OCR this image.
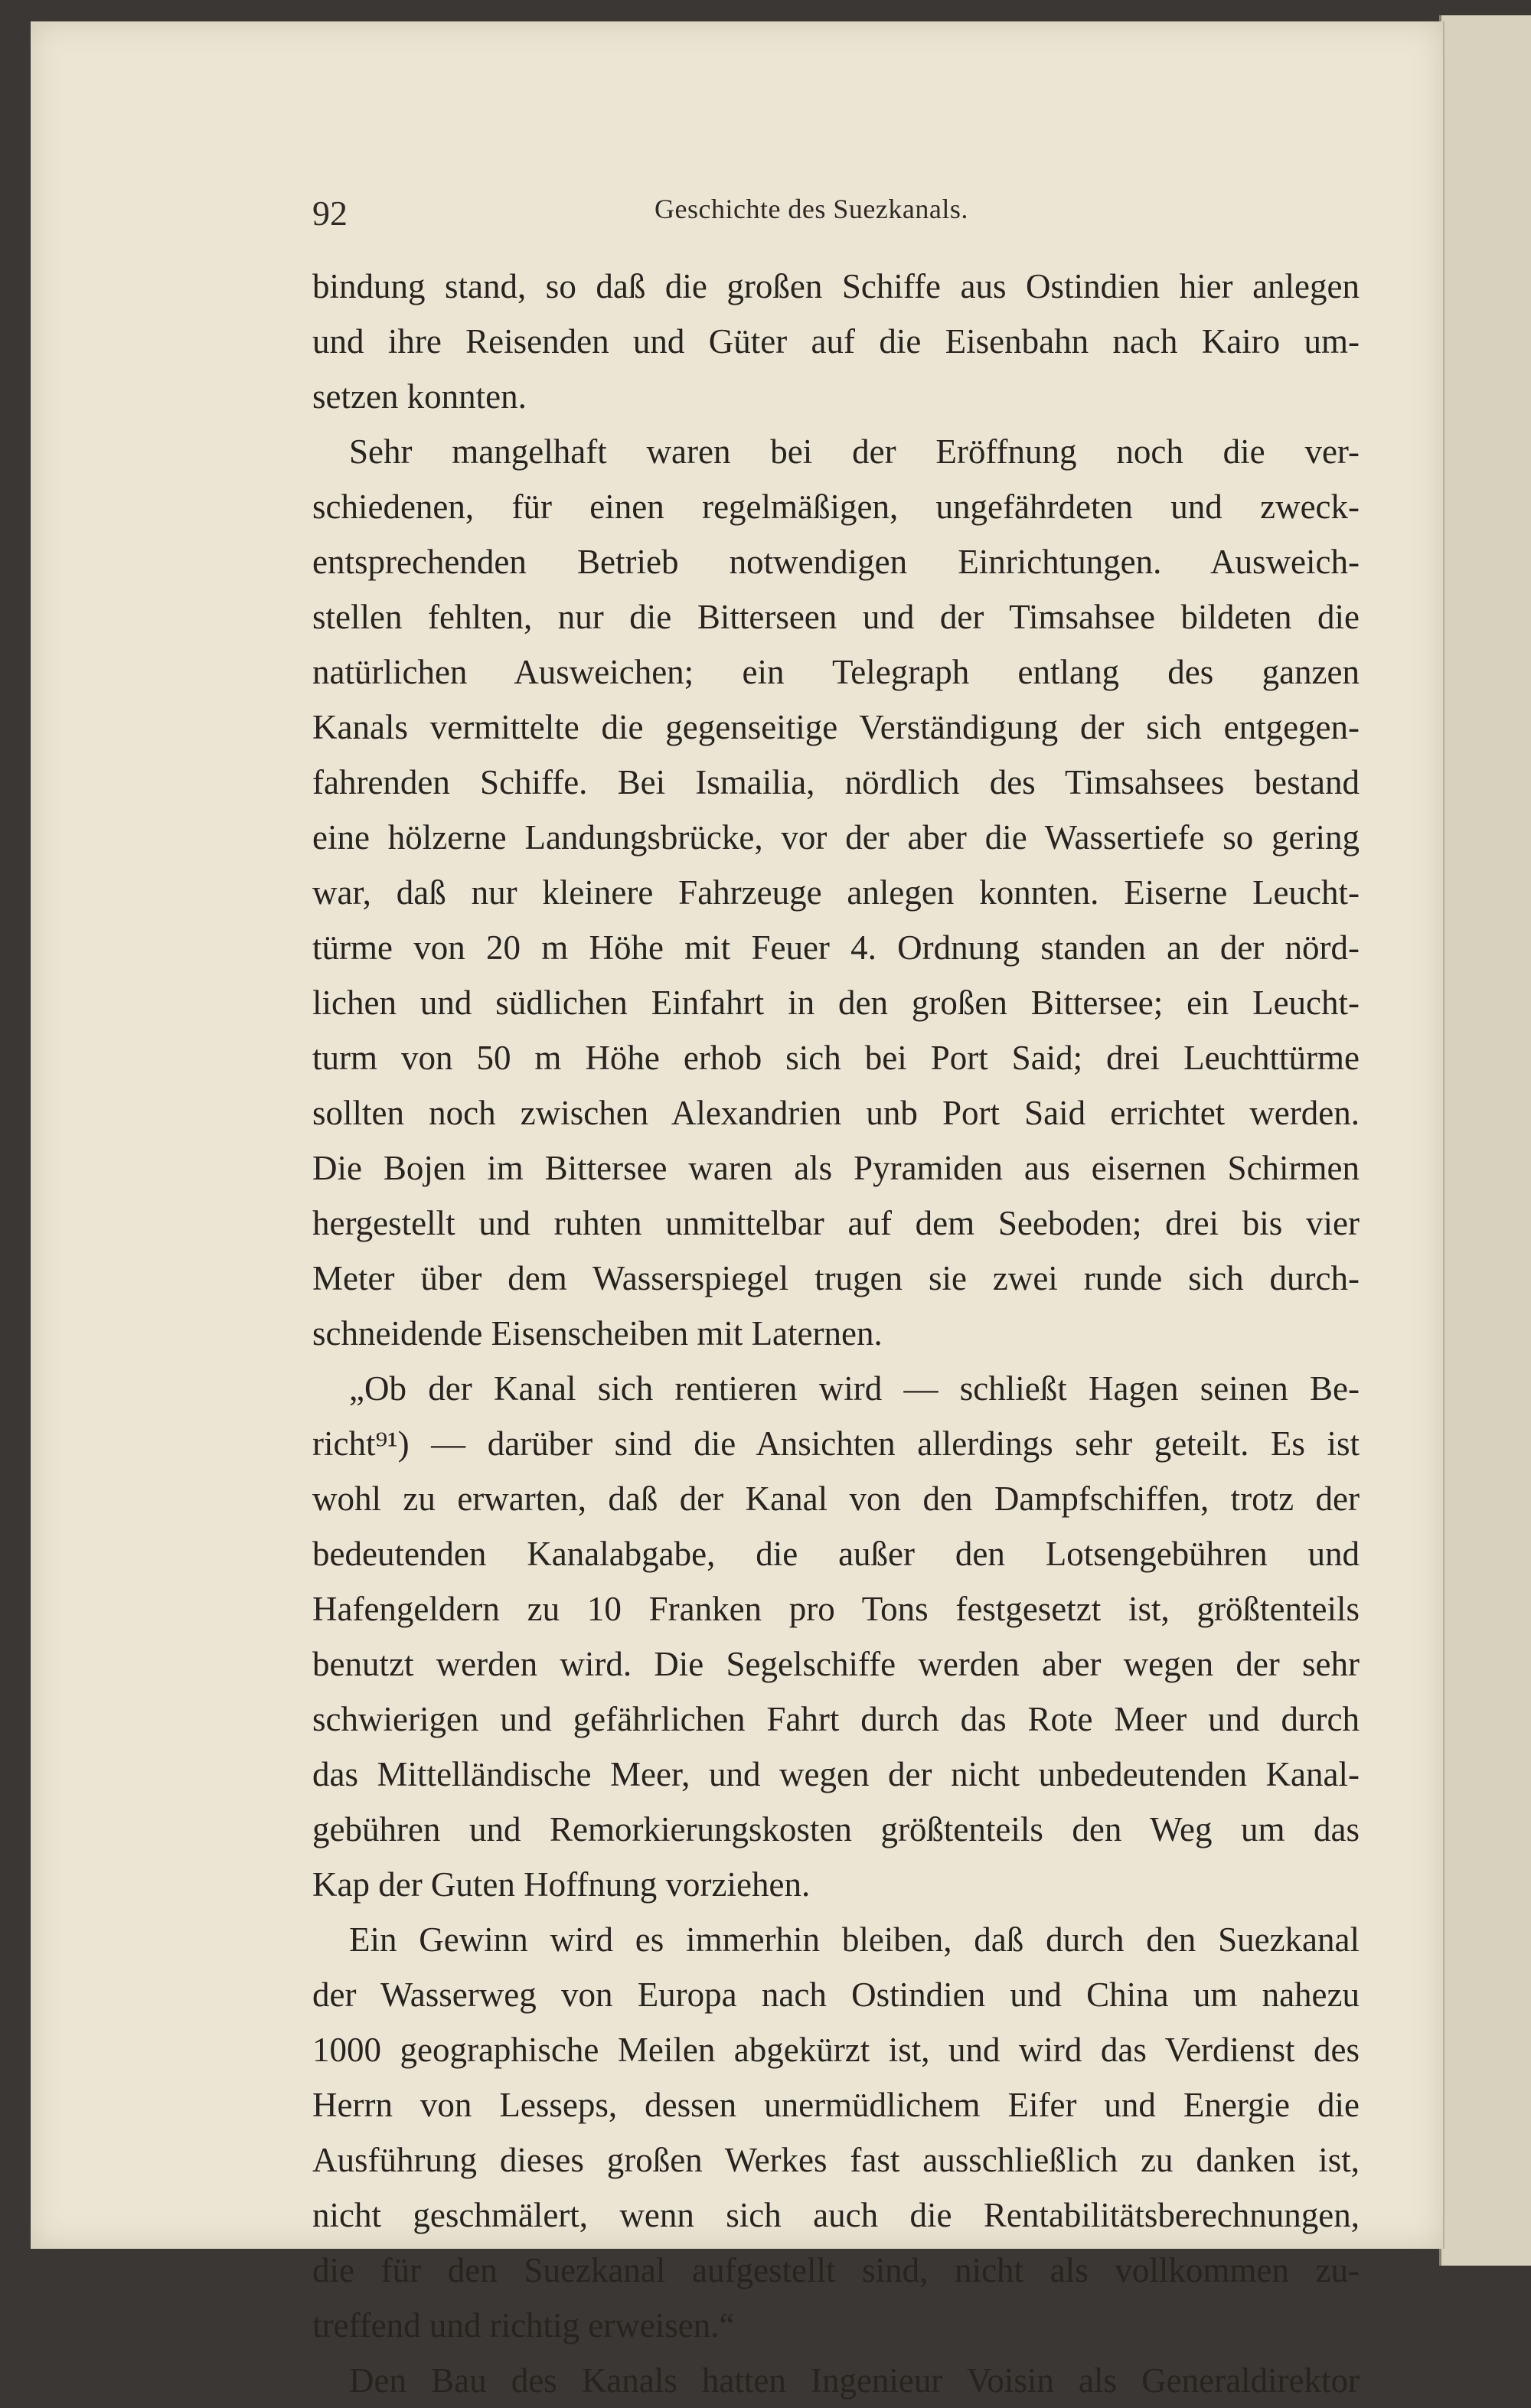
92	Geschichte des Suezkanals.
bindung stand, so daß die großen Schiffe aus Ostindien hier anlegen
und ihre Reisenden und Güter auf die Eisenbahn nach Kairo um-
setzen konnten.
Sehr mangelhaft waren bei der Eröffnung noch die ver-
schiedenen, für einen regelmäßigen, ungefährdeten und zweck-
entsprechenden Betrieb notwendigen Einrichtungen. Ausweich-
stellen fehlten, nur die Bitterseen und der Timsahsee bildeten die
natürlichen Ausweichen; ein Telegraph entlang des ganzen
Kanals vermittelte die gegenseitige Verständigung der sich entgegen-
fahrenden Schiffe. Bei Ismailia, nördlich des Timsahsees bestand
eine hölzerne Landungsbrücke, vor der aber die Wassertiefe so gering
war, daß nur kleinere Fahrzeuge anlegen konnten. Eiserne Leucht-
türme von 20 m Höhe mit Feuer 4. Ordnung standen an der nörd-
lichen und südlichen Einfahrt in den großen Bittersee; ein Leucht-
turm von 50 m Höhe erhob sich bei Port Said; drei Leuchttürme
sollten noch zwischen Alexandrien unb Port Said errichtet werden.
Die Bojen im Bittersee waren als Pyramiden aus eisernen Schirmen
hergestellt und ruhten unmittelbar auf dem Seeboden; drei bis vier
Meter über dem Wasserspiegel trugen sie zwei runde sich durch-
schneidende Eisenscheiben mit Laternen.
„Ob der Kanal sich rentieren wird — schließt Hagen seinen Be-
richt⁹¹) — darüber sind die Ansichten allerdings sehr geteilt. Es ist
wohl zu erwarten, daß der Kanal von den Dampfschiffen, trotz der
bedeutenden Kanalabgabe, die außer den Lotsengebühren und
Hafengeldern zu 10 Franken pro Tons festgesetzt ist, größtenteils
benutzt werden wird. Die Segelschiffe werden aber wegen der sehr
schwierigen und gefährlichen Fahrt durch das Rote Meer und durch
das Mittelländische Meer, und wegen der nicht unbedeutenden Kanal-
gebühren und Remorkierungskosten größtenteils den Weg um das
Kap der Guten Hoffnung vorziehen.
Ein Gewinn wird es immerhin bleiben, daß durch den Suezkanal
der Wasserweg von Europa nach Ostindien und China um nahezu
1000 geographische Meilen abgekürzt ist, und wird das Verdienst des
Herrn von Lesseps, dessen unermüdlichem Eifer und Energie die
Ausführung dieses großen Werkes fast ausschließlich zu danken ist,
nicht geschmälert, wenn sich auch die Rentabilitätsberechnungen,
die für den Suezkanal aufgestellt sind, nicht als vollkommen zu-
treffend und richtig erweisen.“
Den Bau des Kanals hatten Ingenieur Voisin als Generaldirektor
